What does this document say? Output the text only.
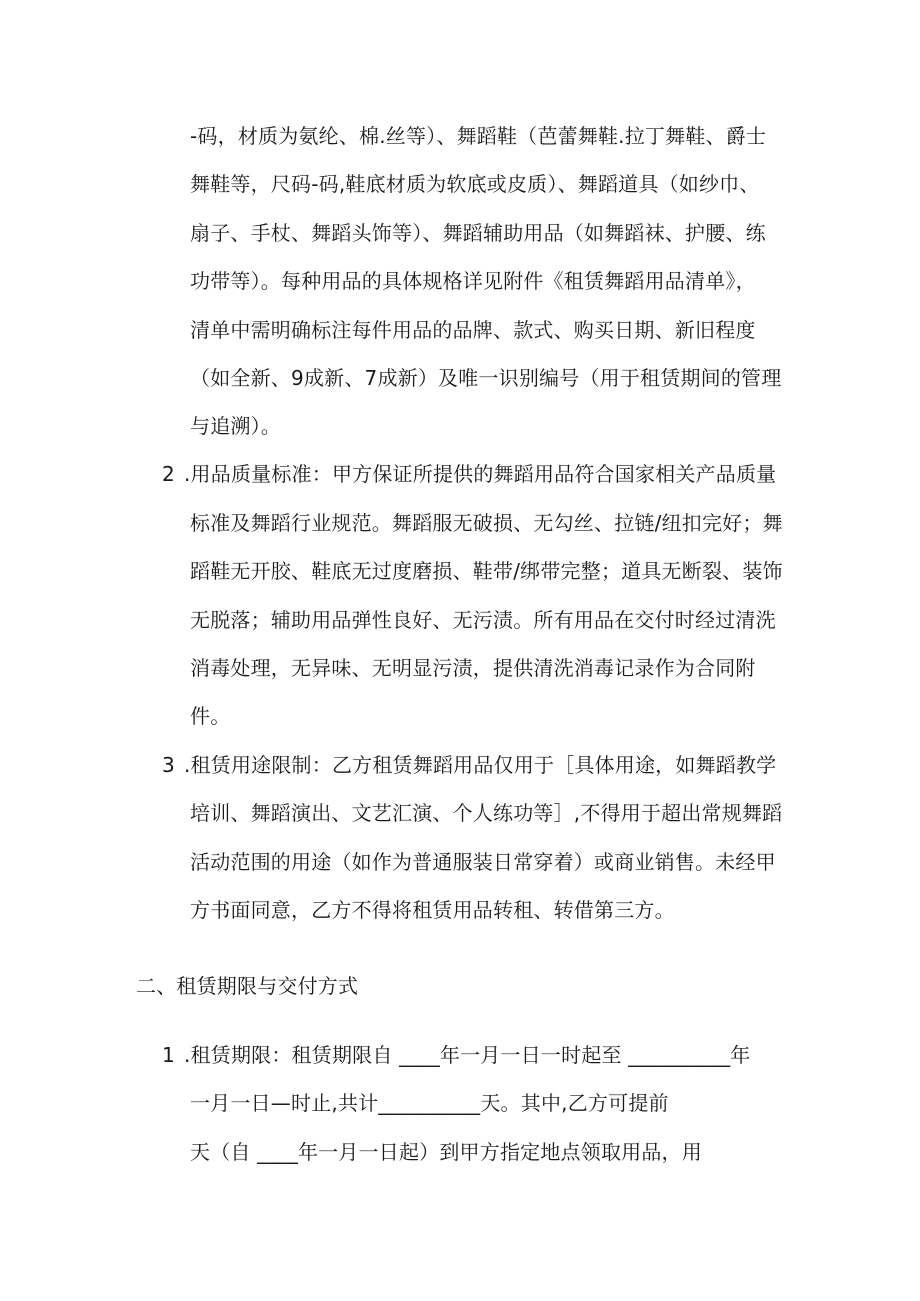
-码，材质为氨纶、棉.丝等）、舞蹈鞋（芭蕾舞鞋.拉丁舞鞋、爵士
舞鞋等，尺码-码,鞋底材质为软底或皮质）、舞蹈道具（如纱巾、
扇子、手杖、舞蹈头饰等）、舞蹈辅助用品（如舞蹈袜、护腰、练
功带等）。每种用品的具体规格详见附件《租赁舞蹈用品清单》，
清单中需明确标注每件用品的品牌、款式、购买日期、新旧程度
（如全新、9成新、7成新）及唯一识别编号（用于租赁期间的管理
与追溯）。
2 .用品质量标准：甲方保证所提供的舞蹈用品符合国家相关产品质量
标准及舞蹈行业规范。舞蹈服无破损、无勾丝、拉链/纽扣完好；舞
蹈鞋无开胶、鞋底无过度磨损、鞋带/绑带完整；道具无断裂、装饰
无脱落；辅助用品弹性良好、无污渍。所有用品在交付时经过清洗
消毒处理，无异味、无明显污渍，提供清洗消毒记录作为合同附
件。
3 .租赁用途限制：乙方租赁舞蹈用品仅用于［具体用途，如舞蹈教学
培训、舞蹈演出、文艺汇演、个人练功等］,不得用于超出常规舞蹈
活动范围的用途（如作为普通服装日常穿着）或商业销售。未经甲
方书面同意，乙方不得将租赁用品转租、转借第三方。
二、租赁期限与交付方式
1 .租赁期限：租赁期限自 ____年一月一日一时起至 __________年
一月一日—时止,共计__________天。其中,乙方可提前
天（自 ____年一月一日起）到甲方指定地点领取用品，用
